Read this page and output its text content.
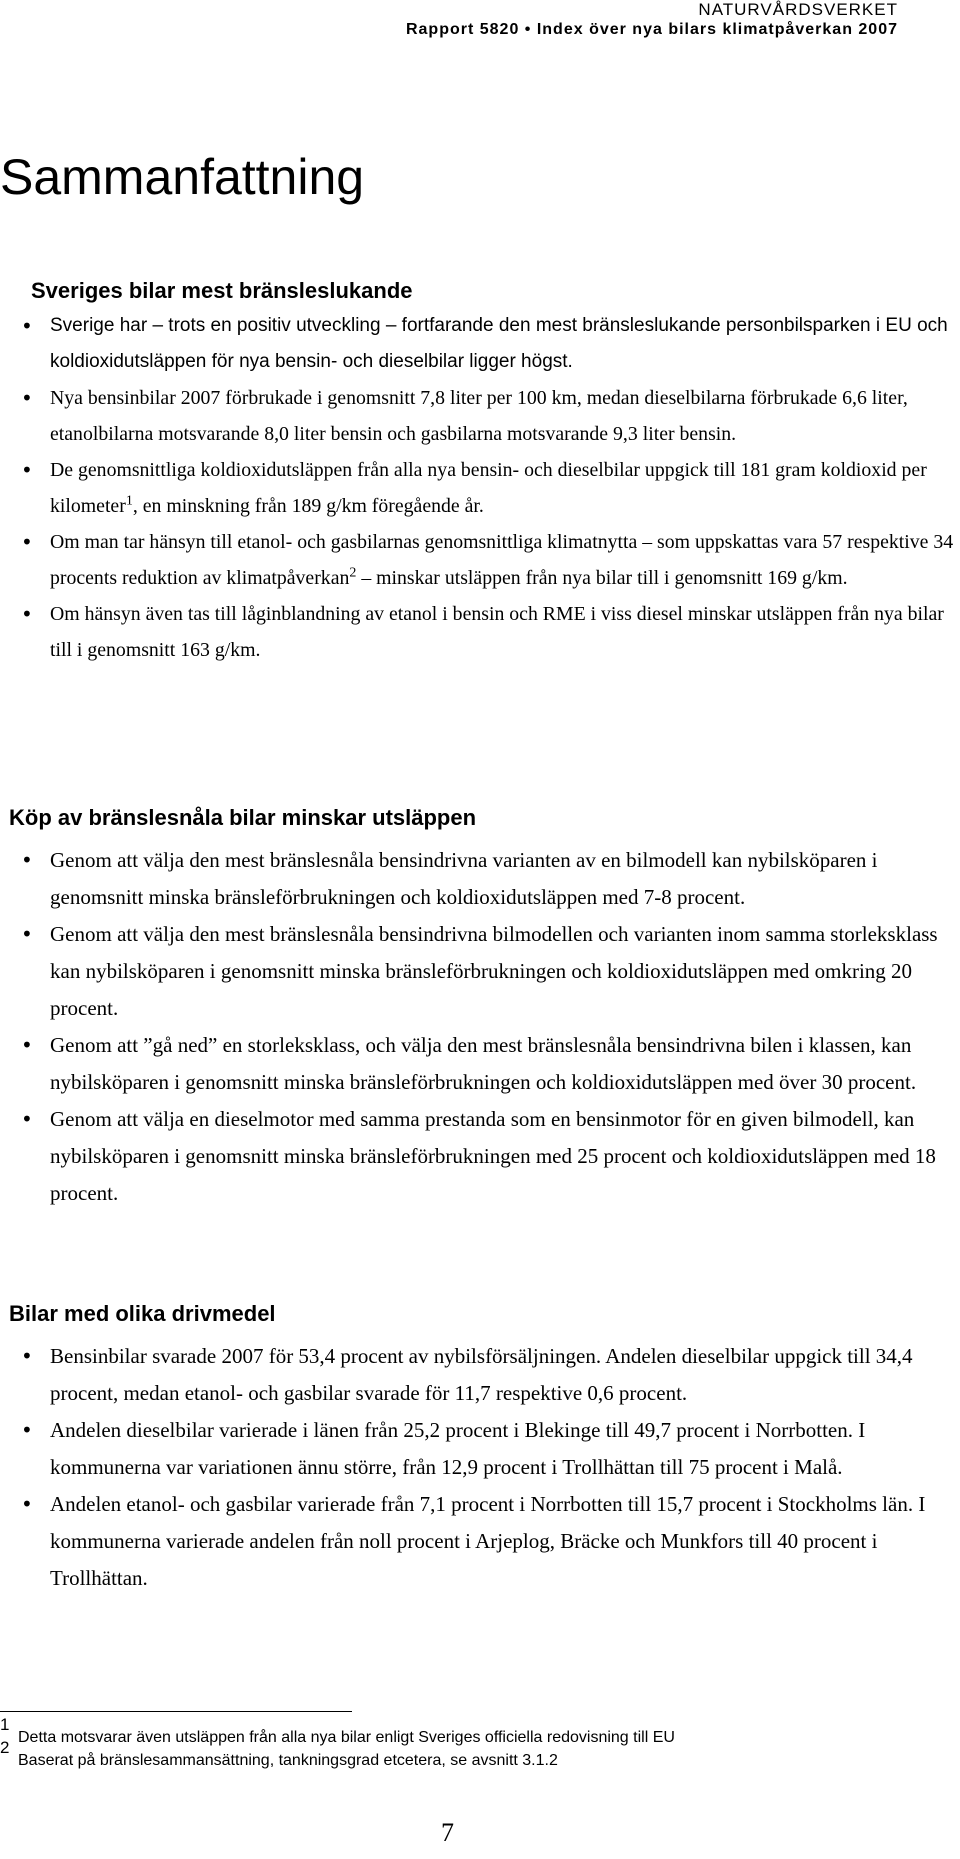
NATURVÅRDSVERKET
Rapport 5820 • Index över nya bilars klimatpåverkan 2007
Sammanfattning
Sveriges bilar mest bränsleslukande
• Sverige har – trots en positiv utveckling – fortfarande den mest bränsleslukande personbilsparken i EU och koldioxidutsläppen för nya bensin- och dieselbilar ligger högst.
• Nya bensinbilar 2007 förbrukade i genomsnitt 7,8 liter per 100 km, medan dieselbilarna förbrukade 6,6 liter, etanolbilarna motsvarande 8,0 liter bensin och gasbilarna motsvarande 9,3 liter bensin.
• De genomsnittliga koldioxidutsläppen från alla nya bensin- och dieselbilar uppgick till 181 gram koldioxid per kilometer$^1$, en minskning från 189 g/km föregående år.
• Om man tar hänsyn till etanol- och gasbilarnas genomsnittliga klimatnytta – som uppskattas vara 57 respektive 34 procents reduktion av klimatpåverkan$^2$ – minskar utsläppen från nya bilar till i genomsnitt 169 g/km.
• Om hänsyn även tas till låginblandning av etanol i bensin och RME i viss diesel minskar utsläppen från nya bilar till i genomsnitt 163 g/km.
Köp av bränslesnåla bilar minskar utsläppen
• Genom att välja den mest bränslesnåla bensindrivna varianten av en bilmodell kan nybilsköparen i genomsnitt minska bränsleförbrukningen och koldioxidutsläppen med 7-8 procent.
• Genom att välja den mest bränslesnåla bensindrivna bilmodellen och varianten inom samma storleksklass kan nybilsköparen i genomsnitt minska bränsleförbrukningen och koldioxidutsläppen med omkring 20 procent.
• Genom att ”gå ned” en storleksklass, och välja den mest bränslesnåla bensindrivna bilen i klassen, kan nybilsköparen i genomsnitt minska bränsleförbrukningen och koldioxidutsläppen med över 30 procent.
• Genom att välja en dieselmotor med samma prestanda som en bensinmotor för en given bilmodell, kan nybilsköparen i genomsnitt minska bränsleförbrukningen med 25 procent och koldioxidutsläppen med 18 procent.
Bilar med olika drivmedel
• Bensinbilar svarade 2007 för 53,4 procent av nybilsförsäljningen. Andelen dieselbilar uppgick till 34,4 procent, medan etanol- och gasbilar svarade för 11,7 respektive 0,6 procent.
• Andelen dieselbilar varierade i länen från 25,2 procent i Blekinge till 49,7 procent i Norrbotten. I kommunerna var variationen ännu större, från 12,9 procent i Trollhättan till 75 procent i Malå.
• Andelen etanol- och gasbilar varierade från 7,1 procent i Norrbotten till 15,7 procent i Stockholms län. I kommunerna varierade andelen från noll procent i Arjeplog, Bräcke och Munkfors till 40 procent i Trollhättan.
1
Detta motsvarar även utsläppen från alla nya bilar enligt Sveriges officiella redovisning till EU
2
Baserat på bränslesammansättning, tankningsgrad etcetera, se avsnitt 3.1.2
7
